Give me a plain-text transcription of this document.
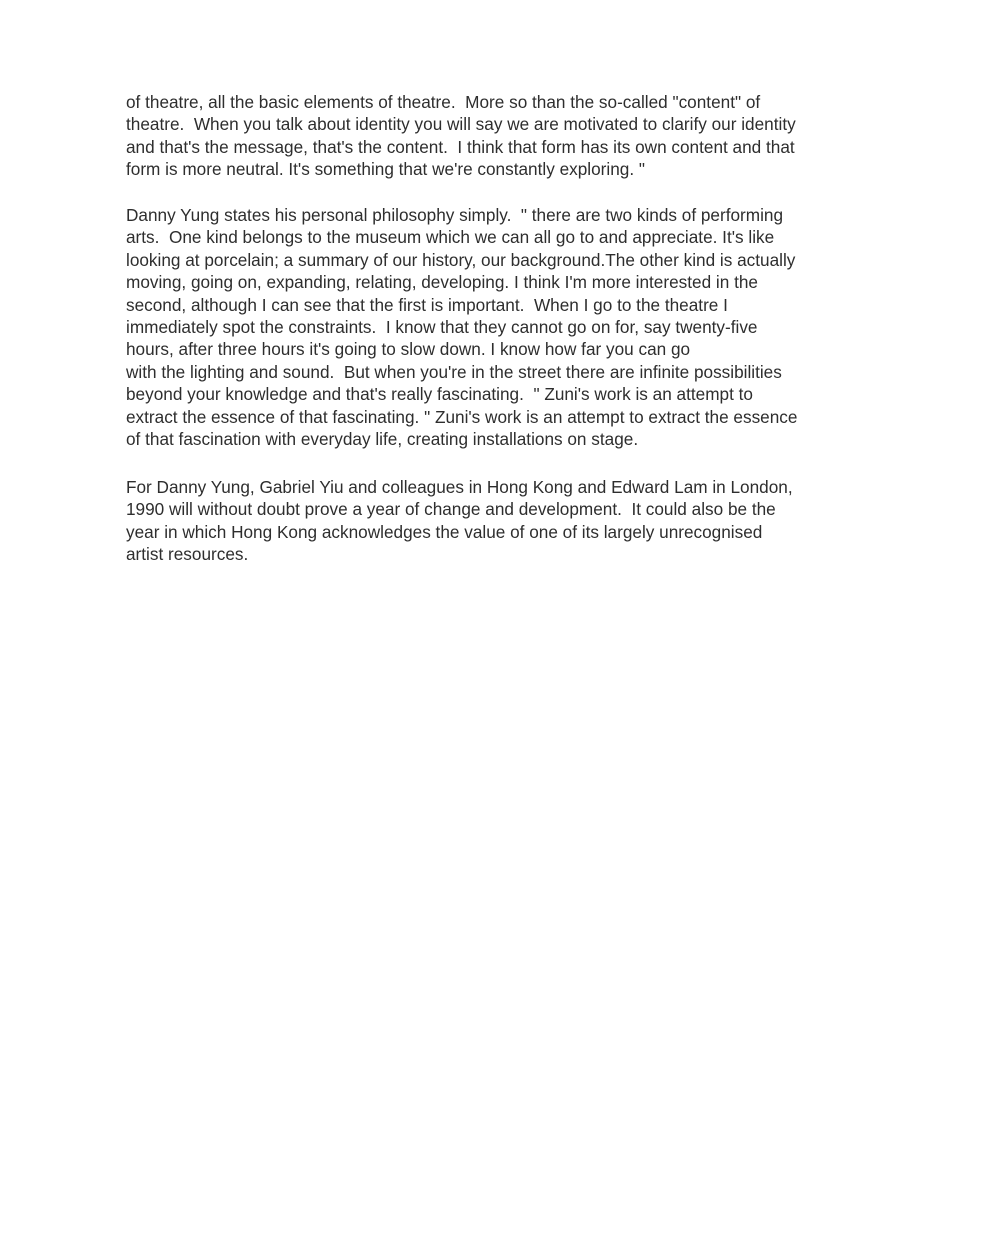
of theatre, all the basic elements of theatre.  More so than the so-called "content" of
theatre.  When you talk about identity you will say we are motivated to clarify our identity
and that's the message, that's the content.  I think that form has its own content and that
form is more neutral. It's something that we're constantly exploring. "
Danny Yung states his personal philosophy simply.  " there are two kinds of performing
arts.  One kind belongs to the museum which we can all go to and appreciate. It's like
looking at porcelain; a summary of our history, our background.The other kind is actually
moving, going on, expanding, relating, developing. I think I'm more interested in the
second, although I can see that the first is important.  When I go to the theatre I
immediately spot the constraints.  I know that they cannot go on for, say twenty-five
hours, after three hours it's going to slow down. I know how far you can go
with the lighting and sound.  But when you're in the street there are infinite possibilities
beyond your knowledge and that's really fascinating.  " Zuni's work is an attempt to
extract the essence of that fascinating. " Zuni's work is an attempt to extract the essence
of that fascination with everyday life, creating installations on stage.
For Danny Yung, Gabriel Yiu and colleagues in Hong Kong and Edward Lam in London,
1990 will without doubt prove a year of change and development.  It could also be the
year in which Hong Kong acknowledges the value of one of its largely unrecognised
artist resources.
